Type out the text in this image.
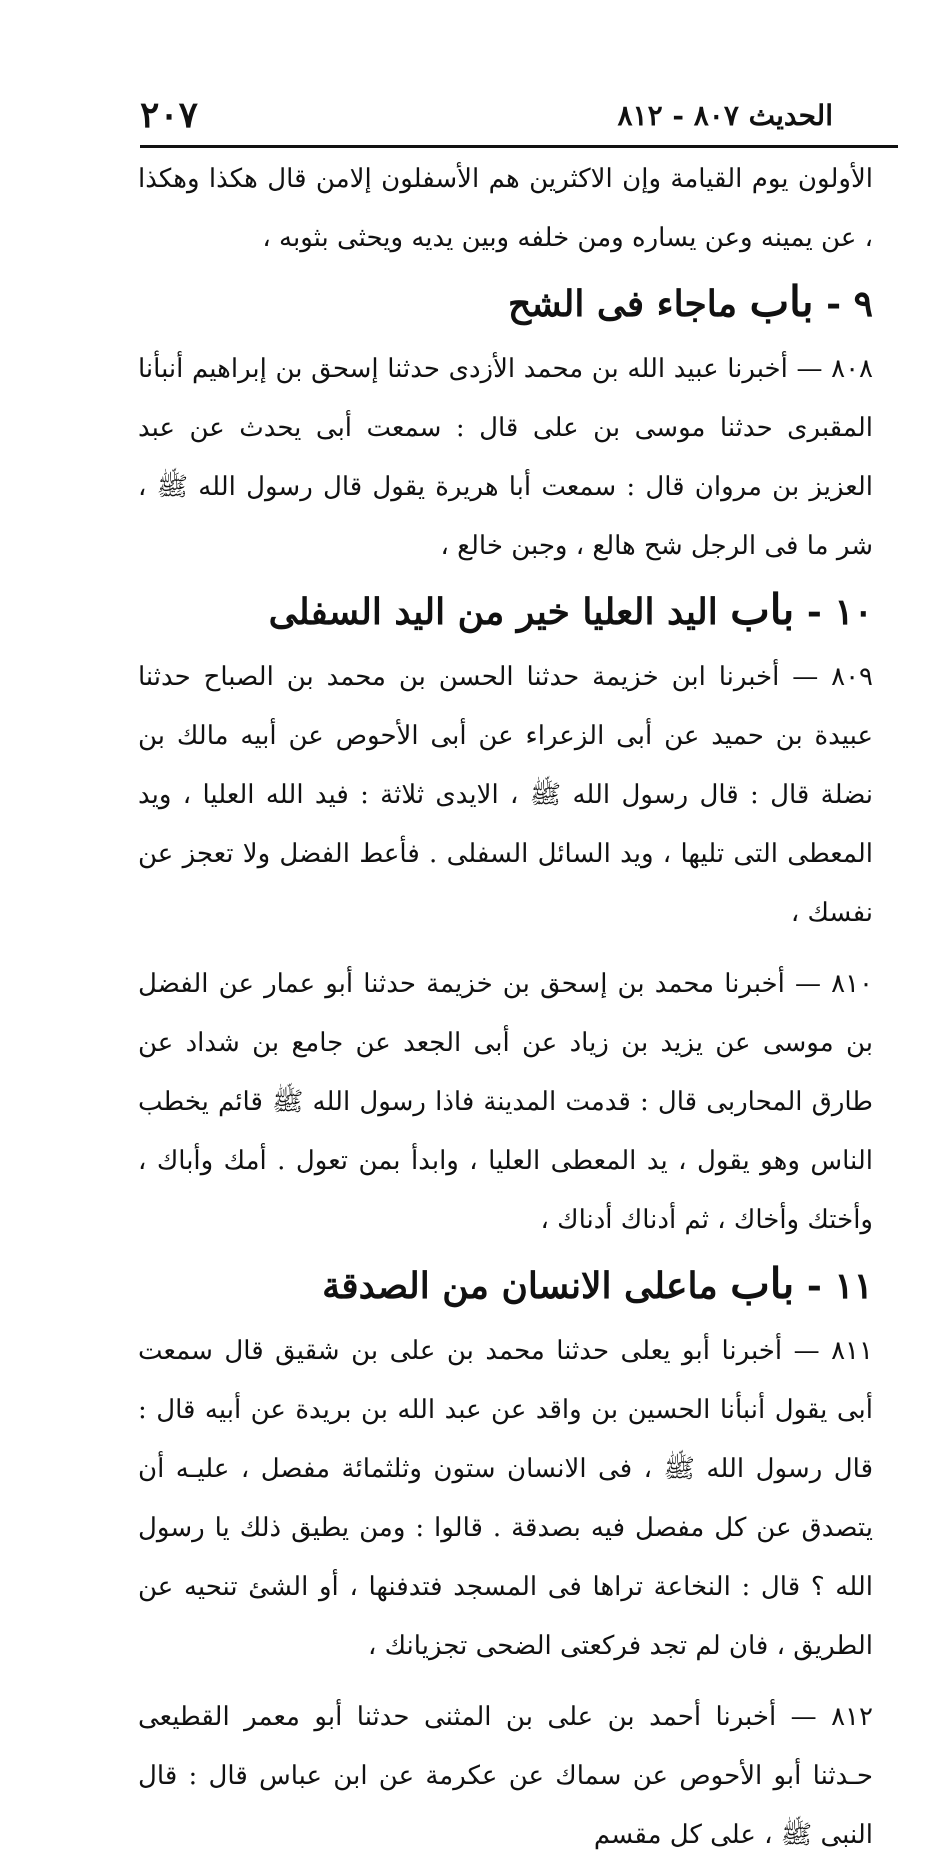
٢٠٧	الحديث ٨٠٧ - ٨١٢

الأولون يوم القيامة وإن الاكثرين هم الأسفلون إلامن قال هكذا وهكذا ، عن يمينه وعن يساره ومن خلفه وبين يديه ويحثى بثوبه ،

٩ - باب ماجاء فى الشح

٨٠٨ — أخبرنا عبيد الله بن محمد الأزدى حدثنا إسحق بن إبراهيم أنبأنا المقبرى حدثنا موسى بن على قال : سمعت أبى يحدث عن عبد العزيز بن مروان قال : سمعت أبا هريرة يقول قال رسول الله ﷺ ، شر ما فى الرجل شح هالع ، وجبن خالع ،

١٠ - باب اليد العليا خير من اليد السفلى

٨٠٩ — أخبرنا ابن خزيمة حدثنا الحسن بن محمد بن الصباح حدثنا عبيدة بن حميد عن أبى الزعراء عن أبى الأحوص عن أبيه مالك بن نضلة قال : قال رسول الله ﷺ ، الايدى ثلاثة : فيد الله العليا ، ويد المعطى التى تليها ، ويد السائل السفلى . فأعط الفضل ولا تعجز عن نفسك ،

٨١٠ — أخبرنا محمد بن إسحق بن خزيمة حدثنا أبو عمار عن الفضل بن موسى عن يزيد بن زياد عن أبى الجعد عن جامع بن شداد عن طارق المحاربى قال : قدمت المدينة فاذا رسول الله ﷺ قائم يخطب الناس وهو يقول ، يد المعطى العليا ، وابدأ بمن تعول . أمك وأباك ، وأختك وأخاك ، ثم أدناك أدناك ،

١١ - باب ماعلى الانسان من الصدقة

٨١١ — أخبرنا أبو يعلى حدثنا محمد بن على بن شقيق قال سمعت أبى يقول أنبأنا الحسين بن واقد عن عبد الله بن بريدة عن أبيه قال : قال رسول الله ﷺ ، فى الانسان ستون وثلثمائة مفصل ، عليـه أن يتصدق عن كل مفصل فيه بصدقة . قالوا : ومن يطيق ذلك يا رسول الله ؟ قال : النخاعة تراها فى المسجد فتدفنها ، أو الشئ تنحيه عن الطريق ، فان لم تجد فركعتى الضحى تجزيانك ،

٨١٢ — أخبرنا أحمد بن على بن المثنى حدثنا أبو معمر القطيعى حـدثنا أبو الأحوص عن سماك عن عكرمة عن ابن عباس قال : قال النبى ﷺ ، على كل مقسم
